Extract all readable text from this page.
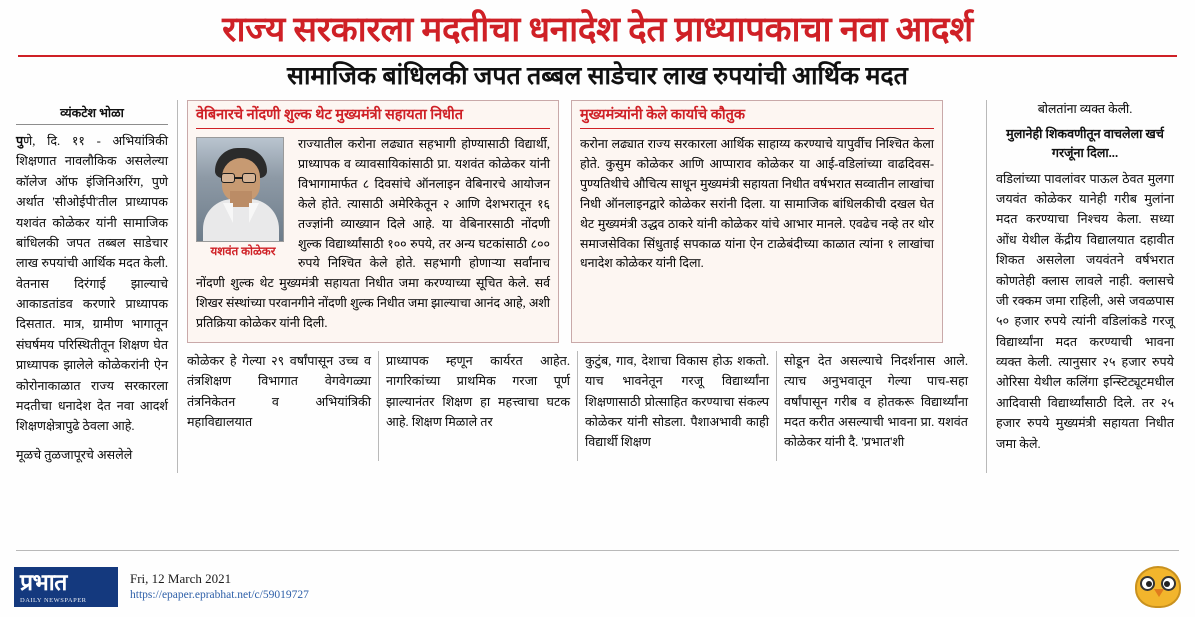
राज्य सरकारला मदतीचा धनादेश देत प्राध्यापकाचा नवा आदर्श
सामाजिक बांधिलकी जपत तब्बल साडेचार लाख रुपयांची आर्थिक मदत
व्यंकटेश भोळा

पुणे, दि. ११ - अभियांत्रिकी शिक्षणात नावलौकिक असलेल्या कॉलेज ऑफ इंजिनिअरिंग, पुणे अर्थात 'सीओईपी'तील प्राध्यापक यशवंत कोळेकर यांनी सामाजिक बांधिलकी जपत तब्बल साडेचार लाख रुपयांची आर्थिक मदत केली. वेतनास दिरंगाई झाल्याचे आकाडतांडव करणारे प्राध्यापक दिसतात. मात्र, ग्रामीण भागातून संघर्षमय परिस्थितीतून शिक्षण घेत प्राध्यापक झालेले कोळेकरांनी ऐन कोरोनाकाळात राज्य सरकारला मदतीचा धनादेश देत नवा आदर्श शिक्षणक्षेत्रापुढे ठेवला आहे.

मूळचे तुळजापूरचे असलेले

वेबिनारचे नोंदणी शुल्क थेट मुख्यमंत्री सहायता निधीत
यशवंत कोळेकर
राज्यातील करोना लढ्यात सहभागी होण्यासाठी विद्यार्थी, प्राध्यापक व व्यावसायिकांसाठी प्रा. यशवंत कोळेकर यांनी विभागामार्फत ८ दिवसांचे ऑनलाइन वेबिनारचे आयोजन केले होते. त्यासाठी अमेरिकेतून २ आणि देशभरातून १६ तज्ज्ञांनी व्याख्यान दिले आहे. या वेबिनारसाठी नोंदणी शुल्क विद्यार्थ्यांसाठी १०० रुपये, तर अन्य घटकांसाठी ८०० रुपये निश्चित केले होते. सहभागी होणाऱ्या सर्वांनाच नोंदणी शुल्क थेट मुख्यमंत्री सहायता निधीत जमा करण्याच्या सूचित केले. सर्व शिखर संस्थांच्या परवानगीने नोंदणी शुल्क निधीत जमा झाल्याचा आनंद आहे, अशी प्रतिक्रिया कोळेकर यांनी दिली.
मुख्यमंत्र्यांनी केले कार्याचे कौतुक
करोना लढ्यात राज्य सरकारला आर्थिक साहाय्य करण्याचे यापुर्वीच निश्चित केला होते. कुसुम कोळेकर आणि आप्पाराव कोळेकर या आई-वडिलांच्या वाढदिवस-पुण्यतिथीचे औचित्य साधून मुख्यमंत्री सहायता निधीत वर्षभरात सव्वातीन लाखांचा निधी ऑनलाइनद्वारे कोळेकर सरांनी दिला. या सामाजिक बांधिलकीची दखल घेत थेट मुख्यमंत्री उद्धव ठाकरे यांनी कोळेकर यांचे आभार मानले. एवढेच नव्हे तर थोर समाजसेविका सिंधुताई सपकाळ यांना ऐन टाळेबंदीच्या काळात त्यांना १ लाखांचा धनादेश कोळेकर यांनी दिला.

कोळेकर हे गेल्या २९ वर्षांपासून उच्च व तंत्रशिक्षण विभागात वेगवेगळ्या तंत्रनिकेतन व अभियांत्रिकी महाविद्यालयात

प्राध्यापक म्हणून कार्यरत आहेत. नागरिकांच्या प्राथमिक गरजा पूर्ण झाल्यानंतर शिक्षण हा महत्त्वाचा घटक आहे. शिक्षण मिळाले तर

कुटुंब, गाव, देशाचा विकास होऊ शकतो. याच भावनेतून गरजू विद्यार्थ्यांना शिक्षणासाठी प्रोत्साहित करण्याचा संकल्प कोळेकर यांनी सोडला. पैशाअभावी काही विद्यार्थी शिक्षण

सोडून देत असल्याचे निदर्शनास आले. त्याच अनुभवातून गेल्या पाच-सहा वर्षांपासून गरीब व होतकरू विद्यार्थ्यांना मदत करीत असल्याची भावना प्रा. यशवंत कोळेकर यांनी दै. 'प्रभात'शी

बोलतांना व्यक्त केली.

मुलानेही शिकवणीतून वाचलेला खर्च गरजूंना दिला...

वडिलांच्या पावलांवर पाऊल ठेवत मुलगा जयवंत कोळेकर यानेही गरीब मुलांना मदत करण्याचा निश्चय केला. सध्या ओंध येथील केंद्रीय विद्यालयात दहावीत शिकत असलेला जयवंतने वर्षभरात कोणतेही क्लास लावले नाही. क्लासचे जी रक्कम जमा राहिली, असे जवळपास ५० हजार रुपये त्यांनी वडिलांकडे गरजू विद्यार्थ्यांना मदत करण्याची भावना व्यक्त केली. त्यानुसार २५ हजार रुपये ओरिसा येथील कलिंगा इन्स्टिट्यूटमधील आदिवासी विद्यार्थ्यांसाठी दिले. तर २५ हजार रुपये मुख्यमंत्री सहायता निधीत जमा केले.

प्रभात
DAILY NEWSPAPER
Fri, 12 March 2021
https://epaper.eprabhat.net/c/59019727
